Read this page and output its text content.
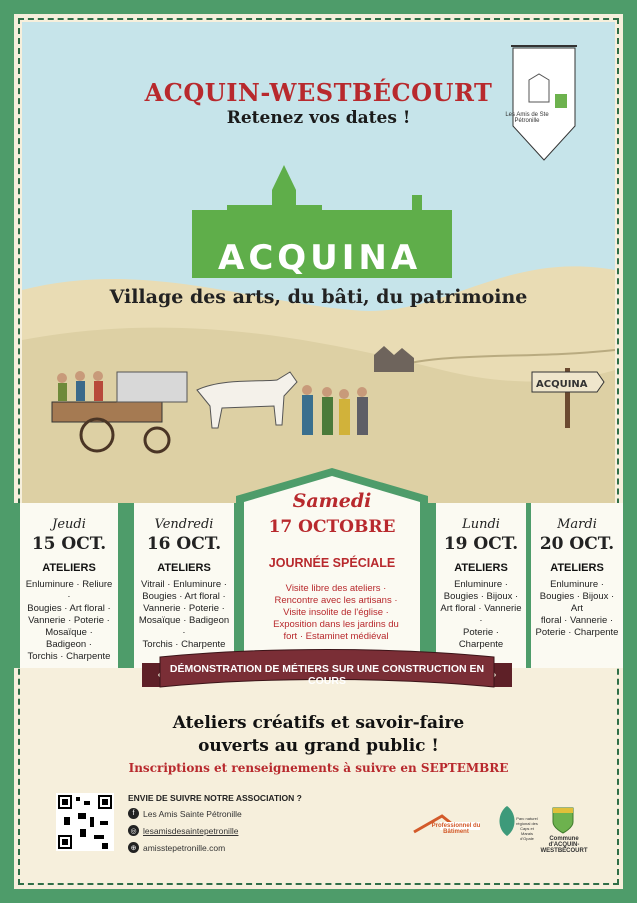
ACQUINA
ACQUIN-WESTBÉCOURT
Retenez vos dates !	Les Amis de Ste Pétronille
ACQUINA
Village des arts, du bâti, du patrimoine
Jeudi
15 OCT.
ATELIERS
Enluminure · Reliure ·
Bougies · Art floral ·
Vannerie · Poterie ·
Mosaïque · Badigeon ·
Torchis · Charpente
Vendredi
16 OCT.
ATELIERS
Vitrail · Enluminure ·
Bougies · Art floral ·
Vannerie · Poterie ·
Mosaïque · Badigeon ·
Torchis · Charpente
Samedi
17 OCTOBRE
JOURNÉE SPÉCIALE
Visite libre des ateliers ·
Rencontre avec les artisans ·
Visite insolite de l'église ·
Exposition dans les jardins du
fort · Estaminet médiéval
Lundi
19 OCT.
ATELIERS
Enluminure ·
Bougies · Bijoux ·
Art floral · Vannerie ·
Poterie · Charpente
Mardi
20 OCT.
ATELIERS
Enluminure ·
Bougies · Bijoux · Art
floral · Vannerie ·
Poterie · Charpente
DÉMONSTRATION DE MÉTIERS SUR UNE CONSTRUCTION EN COURS
Ateliers créatifs et savoir-faire
ouverts au grand public !
Inscriptions et renseignements à suivre en SEPTEMBRE
ENVIE DE SUIVRE NOTRE ASSOCIATION ?
f	Les Amis Sainte Pétronille
◎ lesamisdesaintepetronille
⊕ amisstepetronille.com
Professionnel du Bâtiment
Parc naturel régional des Caps et Marais d'Opale	Commune d'ACQUIN-WESTBÉCOURT
